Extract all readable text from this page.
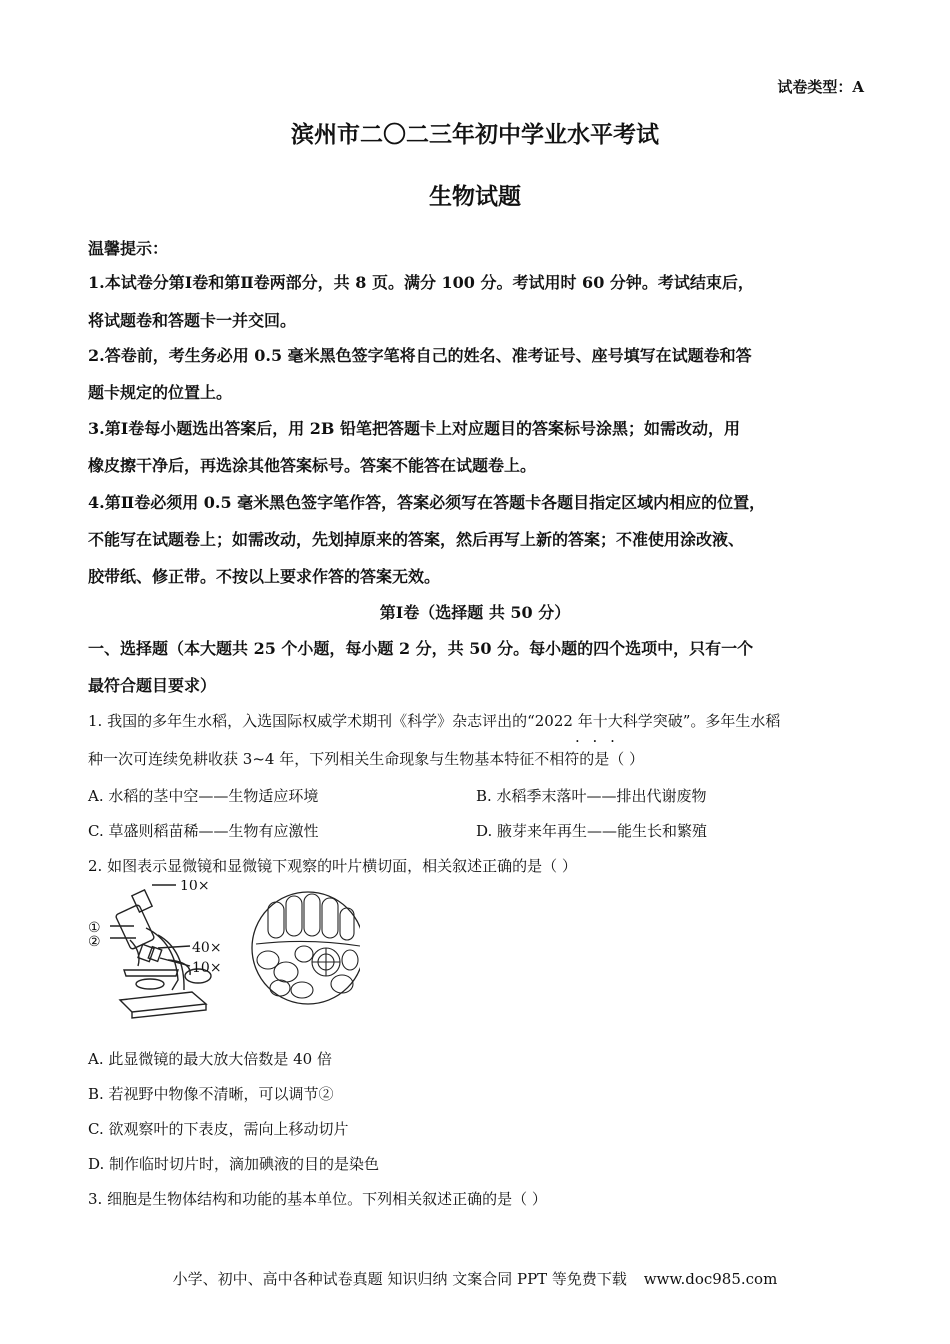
试卷类型：A
滨州市二〇二三年初中学业水平考试
生物试题
温馨提示：
1.本试卷分第Ⅰ卷和第Ⅱ卷两部分，共 8 页。满分 100 分。考试用时 60 分钟。考试结束后，
将试题卷和答题卡一并交回。
2.答卷前，考生务必用 0.5 毫米黑色签字笔将自己的姓名、准考证号、座号填写在试题卷和答
题卡规定的位置上。
3.第Ⅰ卷每小题选出答案后，用 2B 铅笔把答题卡上对应题目的答案标号涂黑；如需改动，用
橡皮擦干净后，再选涂其他答案标号。答案不能答在试题卷上。
4.第Ⅱ卷必须用 0.5 毫米黑色签字笔作答，答案必须写在答题卡各题目指定区域内相应的位置，
不能写在试题卷上；如需改动，先划掉原来的答案，然后再写上新的答案；不准使用涂改液、
胶带纸、修正带。不按以上要求作答的答案无效。
第Ⅰ卷（选择题 共 50 分）
一、选择题（本大题共 25 个小题，每小题 2 分，共 50 分。每小题的四个选项中，只有一个
最符合题目要求）
1. 我国的多年生水稻，入选国际权威学术期刊《科学》杂志评出的“2022 年十大科学突破”。多年生水稻
· · ·
种一次可连续免耕收获 3~4 年，下列相关生命现象与生物基本特征不相符的是（ ）
A. 水稻的茎中空——生物适应环境	B. 水稻季末落叶——排出代谢废物
C. 草盛则稻苗稀——生物有应激性	D. 腋芽来年再生——能生长和繁殖
2. 如图表示显微镜和显微镜下观察的叶片横切面，相关叙述正确的是（ ）
10×
①
②	40×
10×
A. 此显微镜的最大放大倍数是 40 倍
B. 若视野中物像不清晰，可以调节②
C. 欲观察叶的下表皮，需向上移动切片
D. 制作临时切片时，滴加碘液的目的是染色
3. 细胞是生物体结构和功能的基本单位。下列相关叙述正确的是（ ）
小学、初中、高中各种试卷真题 知识归纳 文案合同 PPT 等免费下载 www.doc985.com
